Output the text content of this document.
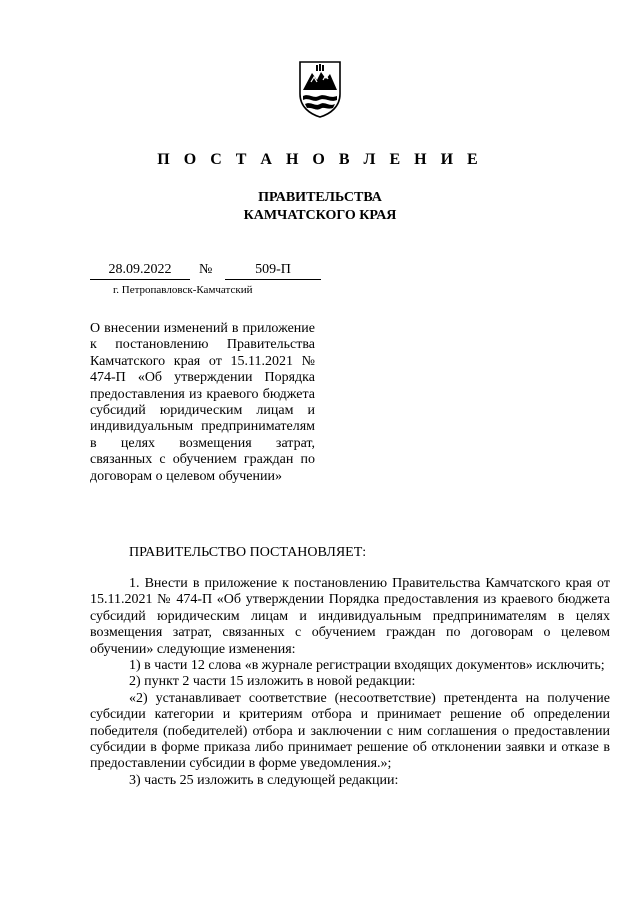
П О С Т А Н О В Л Е Н И Е
ПРАВИТЕЛЬСТВА
КАМЧАТСКОГО КРАЯ
28.09.2022	№	509-П
г. Петропавловск-Камчатский
О внесении изменений в приложение к постановлению Правительства Камчатского края от 15.11.2021 № 474-П «Об утверждении Порядка предоставления из краевого бюджета субсидий юридическим лицам и индивидуальным предпринимателям в целях возмещения затрат, связанных с обучением граждан по договорам о целевом обучении»
ПРАВИТЕЛЬСТВО ПОСТАНОВЛЯЕТ:

1. Внести в приложение к постановлению Правительства Камчатского края от 15.11.2021 № 474-П «Об утверждении Порядка предоставления из краевого бюджета субсидий юридическим лицам и индивидуальным предпринимателям в целях возмещения затрат, связанных с обучением граждан по договорам о целевом обучении» следующие изменения:

1) в части 12 слова «в журнале регистрации входящих документов» исключить;

2) пункт 2 части 15 изложить в новой редакции:

«2) устанавливает соответствие (несоответствие) претендента на получение субсидии категории и критериям отбора и принимает решение об определении победителя (победителей) отбора и заключении с ним соглашения о предоставлении субсидии в форме приказа либо принимает решение об отклонении заявки и отказе в предоставлении субсидии в форме уведомления.»;

3) часть 25 изложить в следующей редакции:
